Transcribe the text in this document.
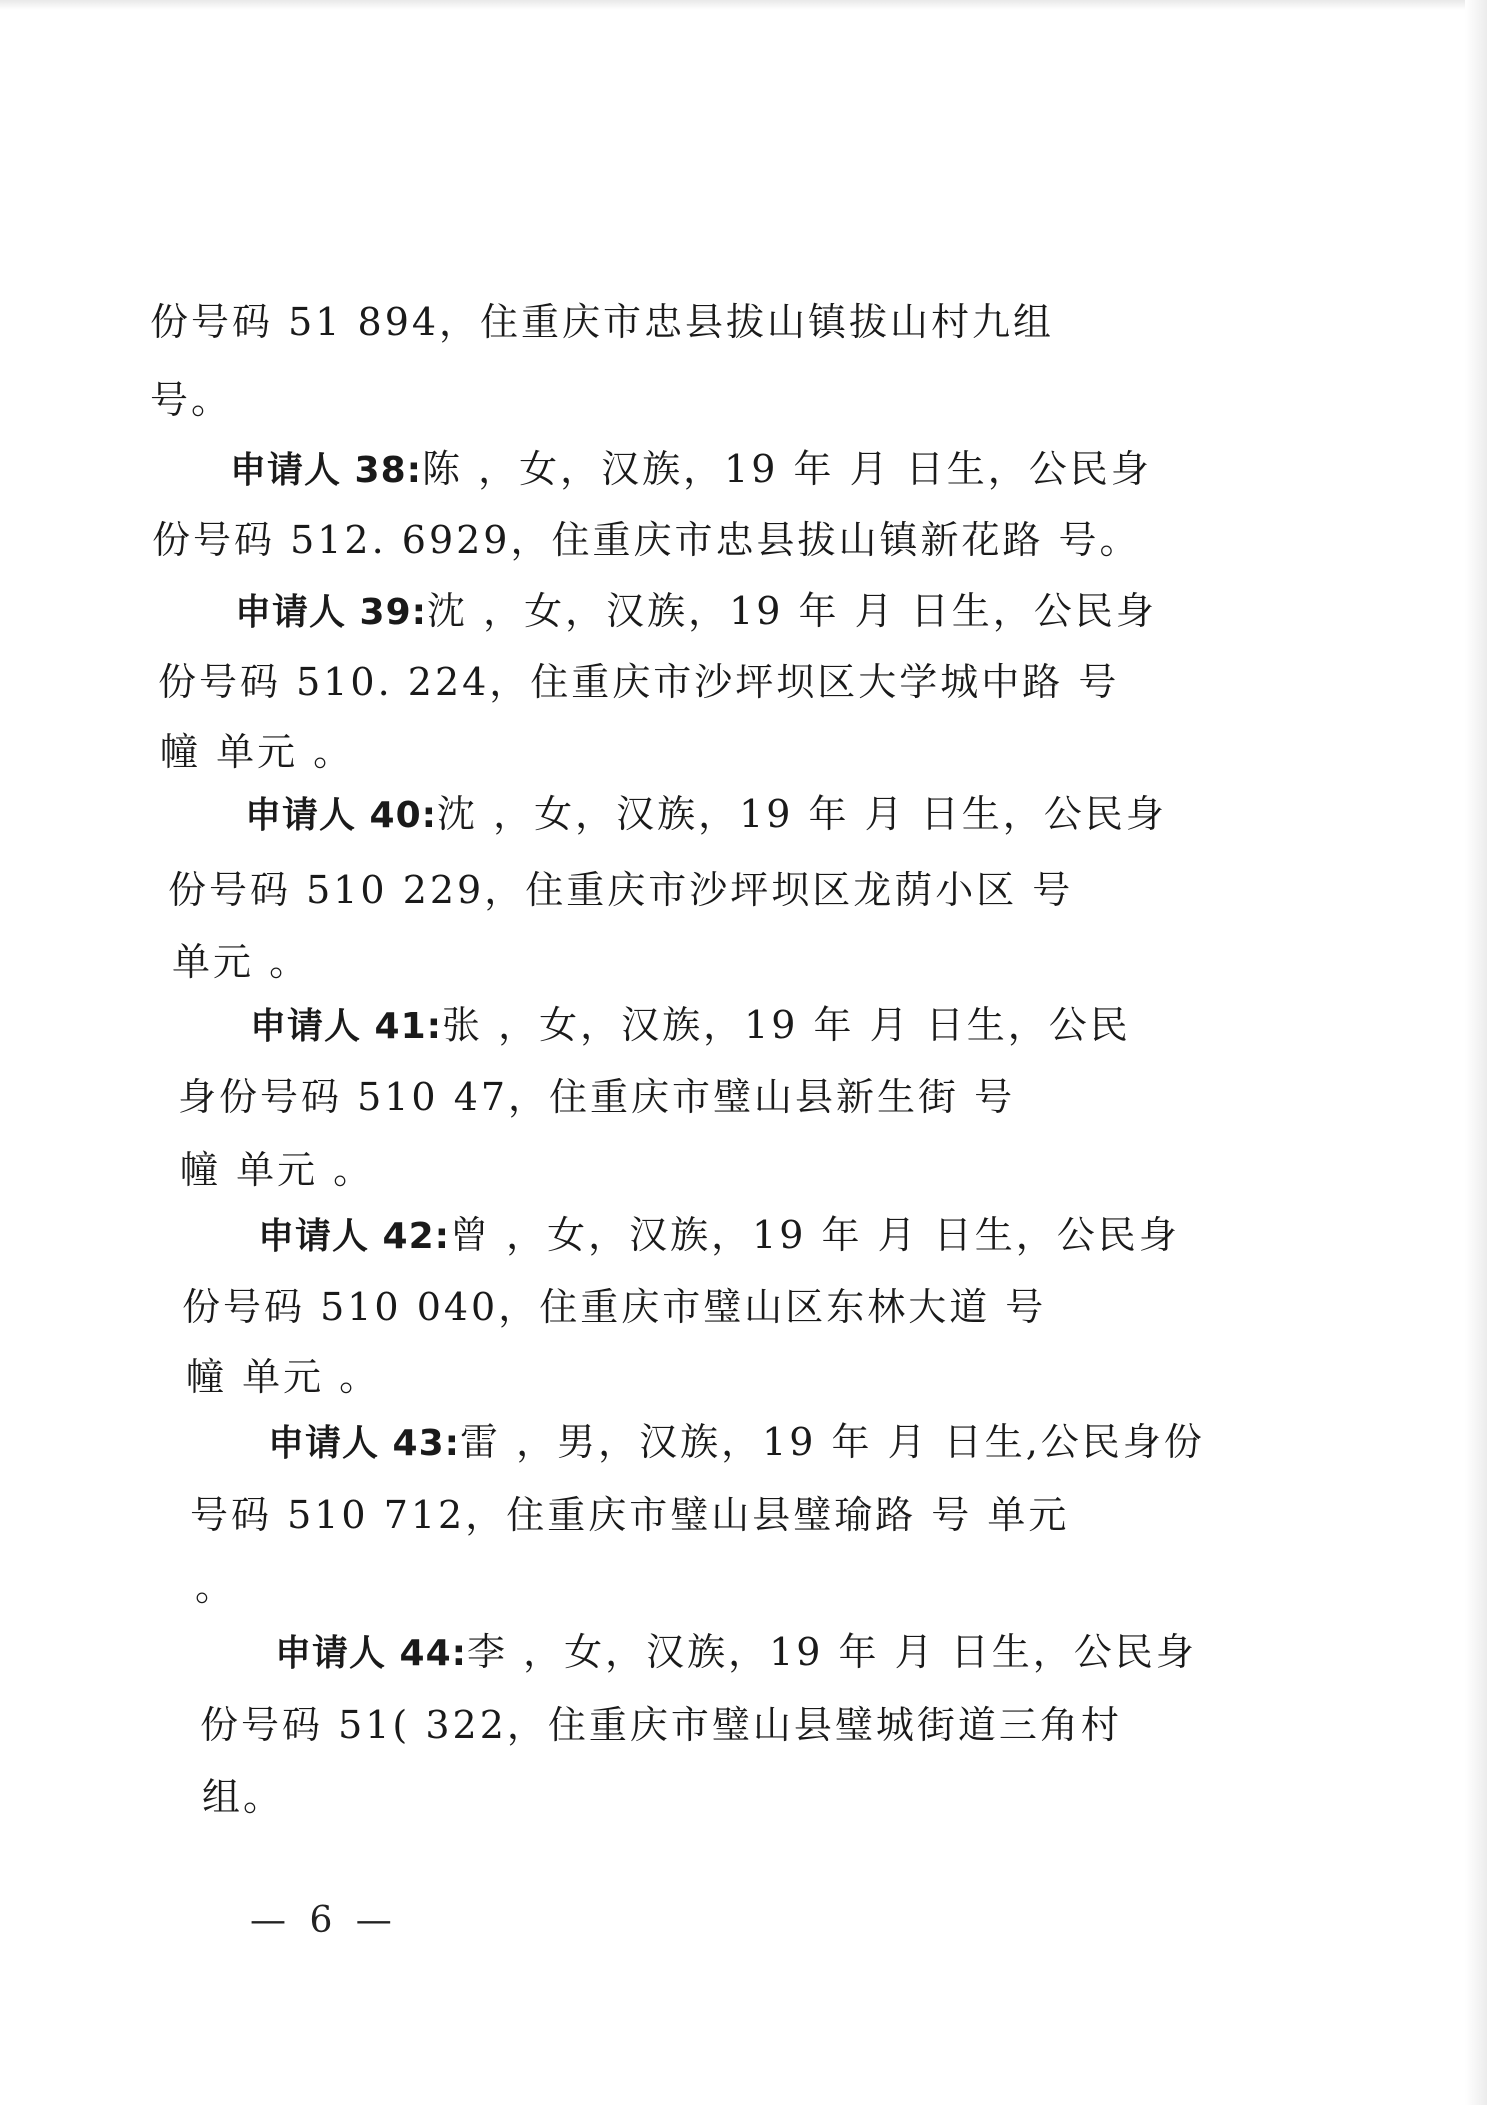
份号码 51 894，住重庆市忠县拔山镇拔山村九组
号。
申请人 38:陈 ，女，汉族，19 年 月 日生，公民身
份号码 512. 6929，住重庆市忠县拔山镇新花路 号。
申请人 39:沈 ，女，汉族，19 年 月 日生，公民身
份号码 510. 224，住重庆市沙坪坝区大学城中路 号
幢 单元 。
申请人 40:沈 ，女，汉族，19 年 月 日生，公民身
份号码 510 229，住重庆市沙坪坝区龙荫小区 号
单元 。
申请人 41:张 ，女，汉族，19 年 月 日生，公民
身份号码 510 47，住重庆市璧山县新生街 号
幢 单元 。
申请人 42:曾 ，女，汉族，19 年 月 日生，公民身
份号码 510 040，住重庆市璧山区东林大道 号
幢 单元 。
申请人 43:雷 ，男，汉族，19 年 月 日生,公民身份
号码 510 712，住重庆市璧山县璧瑜路 号 单元
。
申请人 44:李 ，女，汉族，19 年 月 日生，公民身
份号码 51( 322，住重庆市璧山县璧城街道三角村
组。
— 6 —
